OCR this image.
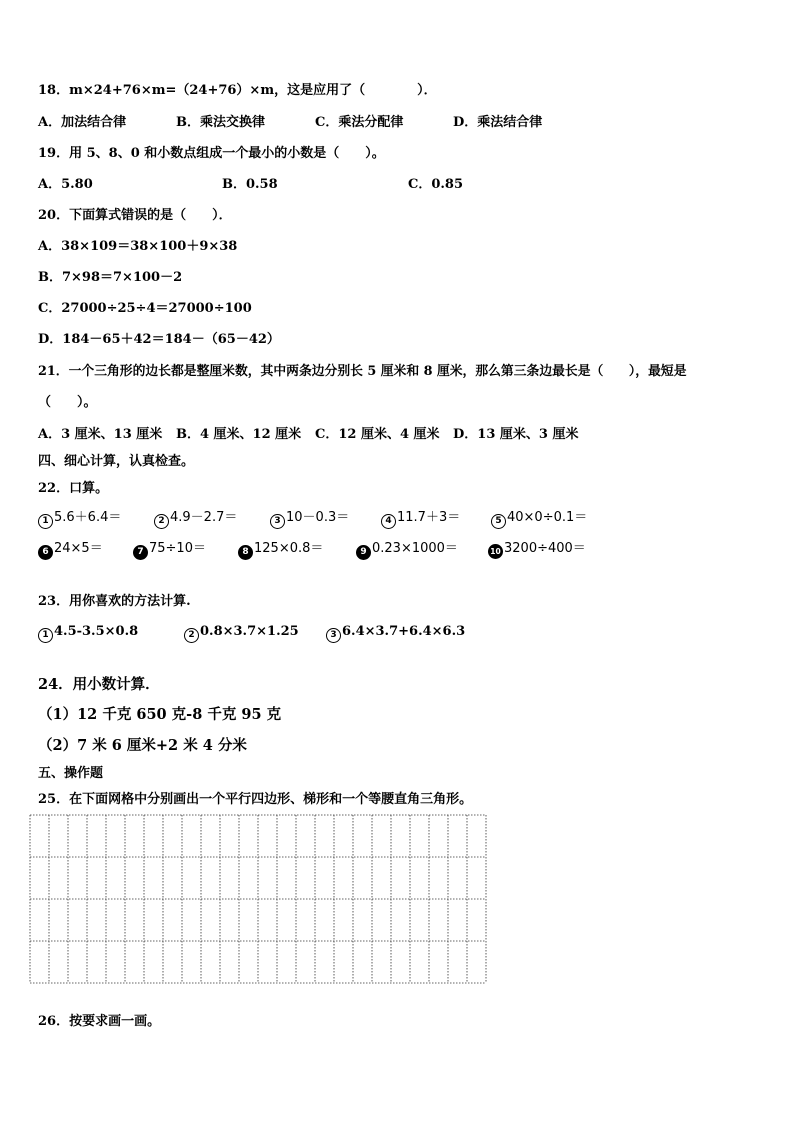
18．m×24+76×m=（24+76）×m，这是应用了（　　　　）．
A．加法结合律	B．乘法交换律	C．乘法分配律	D．乘法结合律
19．用 5、8、0 和小数点组成一个最小的小数是（　　）。
A．5.80	B．0.58	C．0.85
20．下面算式错误的是（　　）．
A．38×109＝38×100＋9×38
B．7×98＝7×100－2
C．27000÷25÷4＝27000÷100
D．184－65＋42＝184－（65－42）
21．一个三角形的边长都是整厘米数，其中两条边分别长 5 厘米和 8 厘米，那么第三条边最长是（　　），最短是
（　　）。
A．3 厘米、13 厘米 B．4 厘米、12 厘米 C．12 厘米、4 厘米 D．13 厘米、3 厘米
四、细心计算，认真检查。
22．口算。
1 5.6＋6.4＝	2 4.9－2.7＝	3 10－0.3＝	4 11.7＋3＝	5 40×0÷0.1＝
6 24×5＝	7 75÷10＝	8 125×0.8＝	9 0.23×1000＝	10 3200÷400＝
23．用你喜欢的方法计算.
1 4.5-3.5×0.8	2 0.8×3.7×1.25	3 6.4×3.7+6.4×6.3
24．用小数计算．
（1）12 千克 650 克-8 千克 95 克
（2）7 米 6 厘米+2 米 4 分米
五、操作题
25．在下面网格中分别画出一个平行四边形、梯形和一个等腰直角三角形。
26．按要求画一画。
